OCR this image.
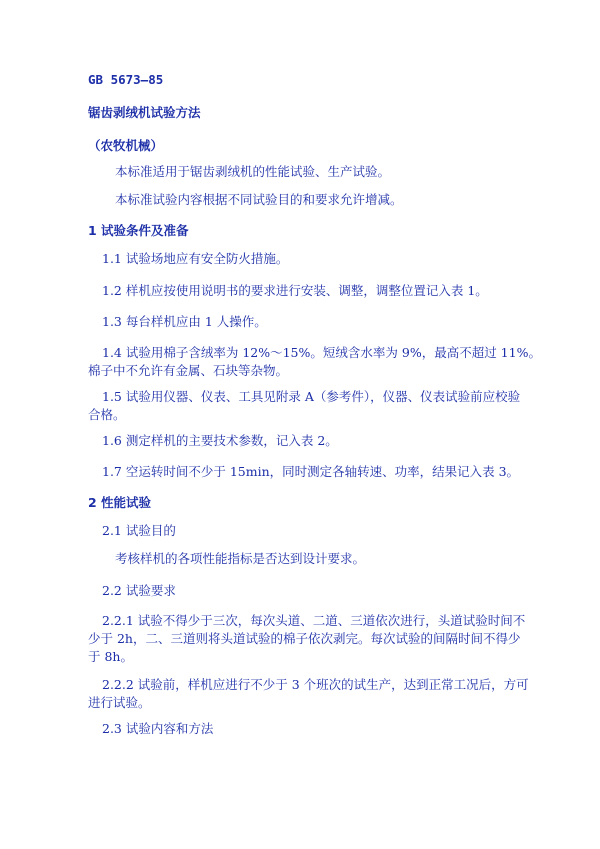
GB 5673—85
锯齿剥绒机试验方法
（农牧机械）
本标准适用于锯齿剥绒机的性能试验、生产试验。
本标准试验内容根据不同试验目的和要求允许增减。
1 试验条件及准备
1.1 试验场地应有安全防火措施。
1.2 样机应按使用说明书的要求进行安装、调整，调整位置记入表 1。
1.3 每台样机应由 1 人操作。
1.4 试验用棉子含绒率为 12%～15%。短绒含水率为 9%，最高不超过 11%。
棉子中不允许有金属、石块等杂物。
1.5 试验用仪器、仪表、工具见附录 A（参考件），仪器、仪表试验前应校验
合格。
1.6 测定样机的主要技术参数，记入表 2。
1.7 空运转时间不少于 15min，同时测定各轴转速、功率，结果记入表 3。
2 性能试验
2.1 试验目的
考核样机的各项性能指标是否达到设计要求。
2.2 试验要求
2.2.1 试验不得少于三次，每次头道、二道、三道依次进行，头道试验时间不
少于 2h，二、三道则将头道试验的棉子依次剥完。每次试验的间隔时间不得少
于 8h。
2.2.2 试验前，样机应进行不少于 3 个班次的试生产，达到正常工况后，方可
进行试验。
2.3 试验内容和方法
